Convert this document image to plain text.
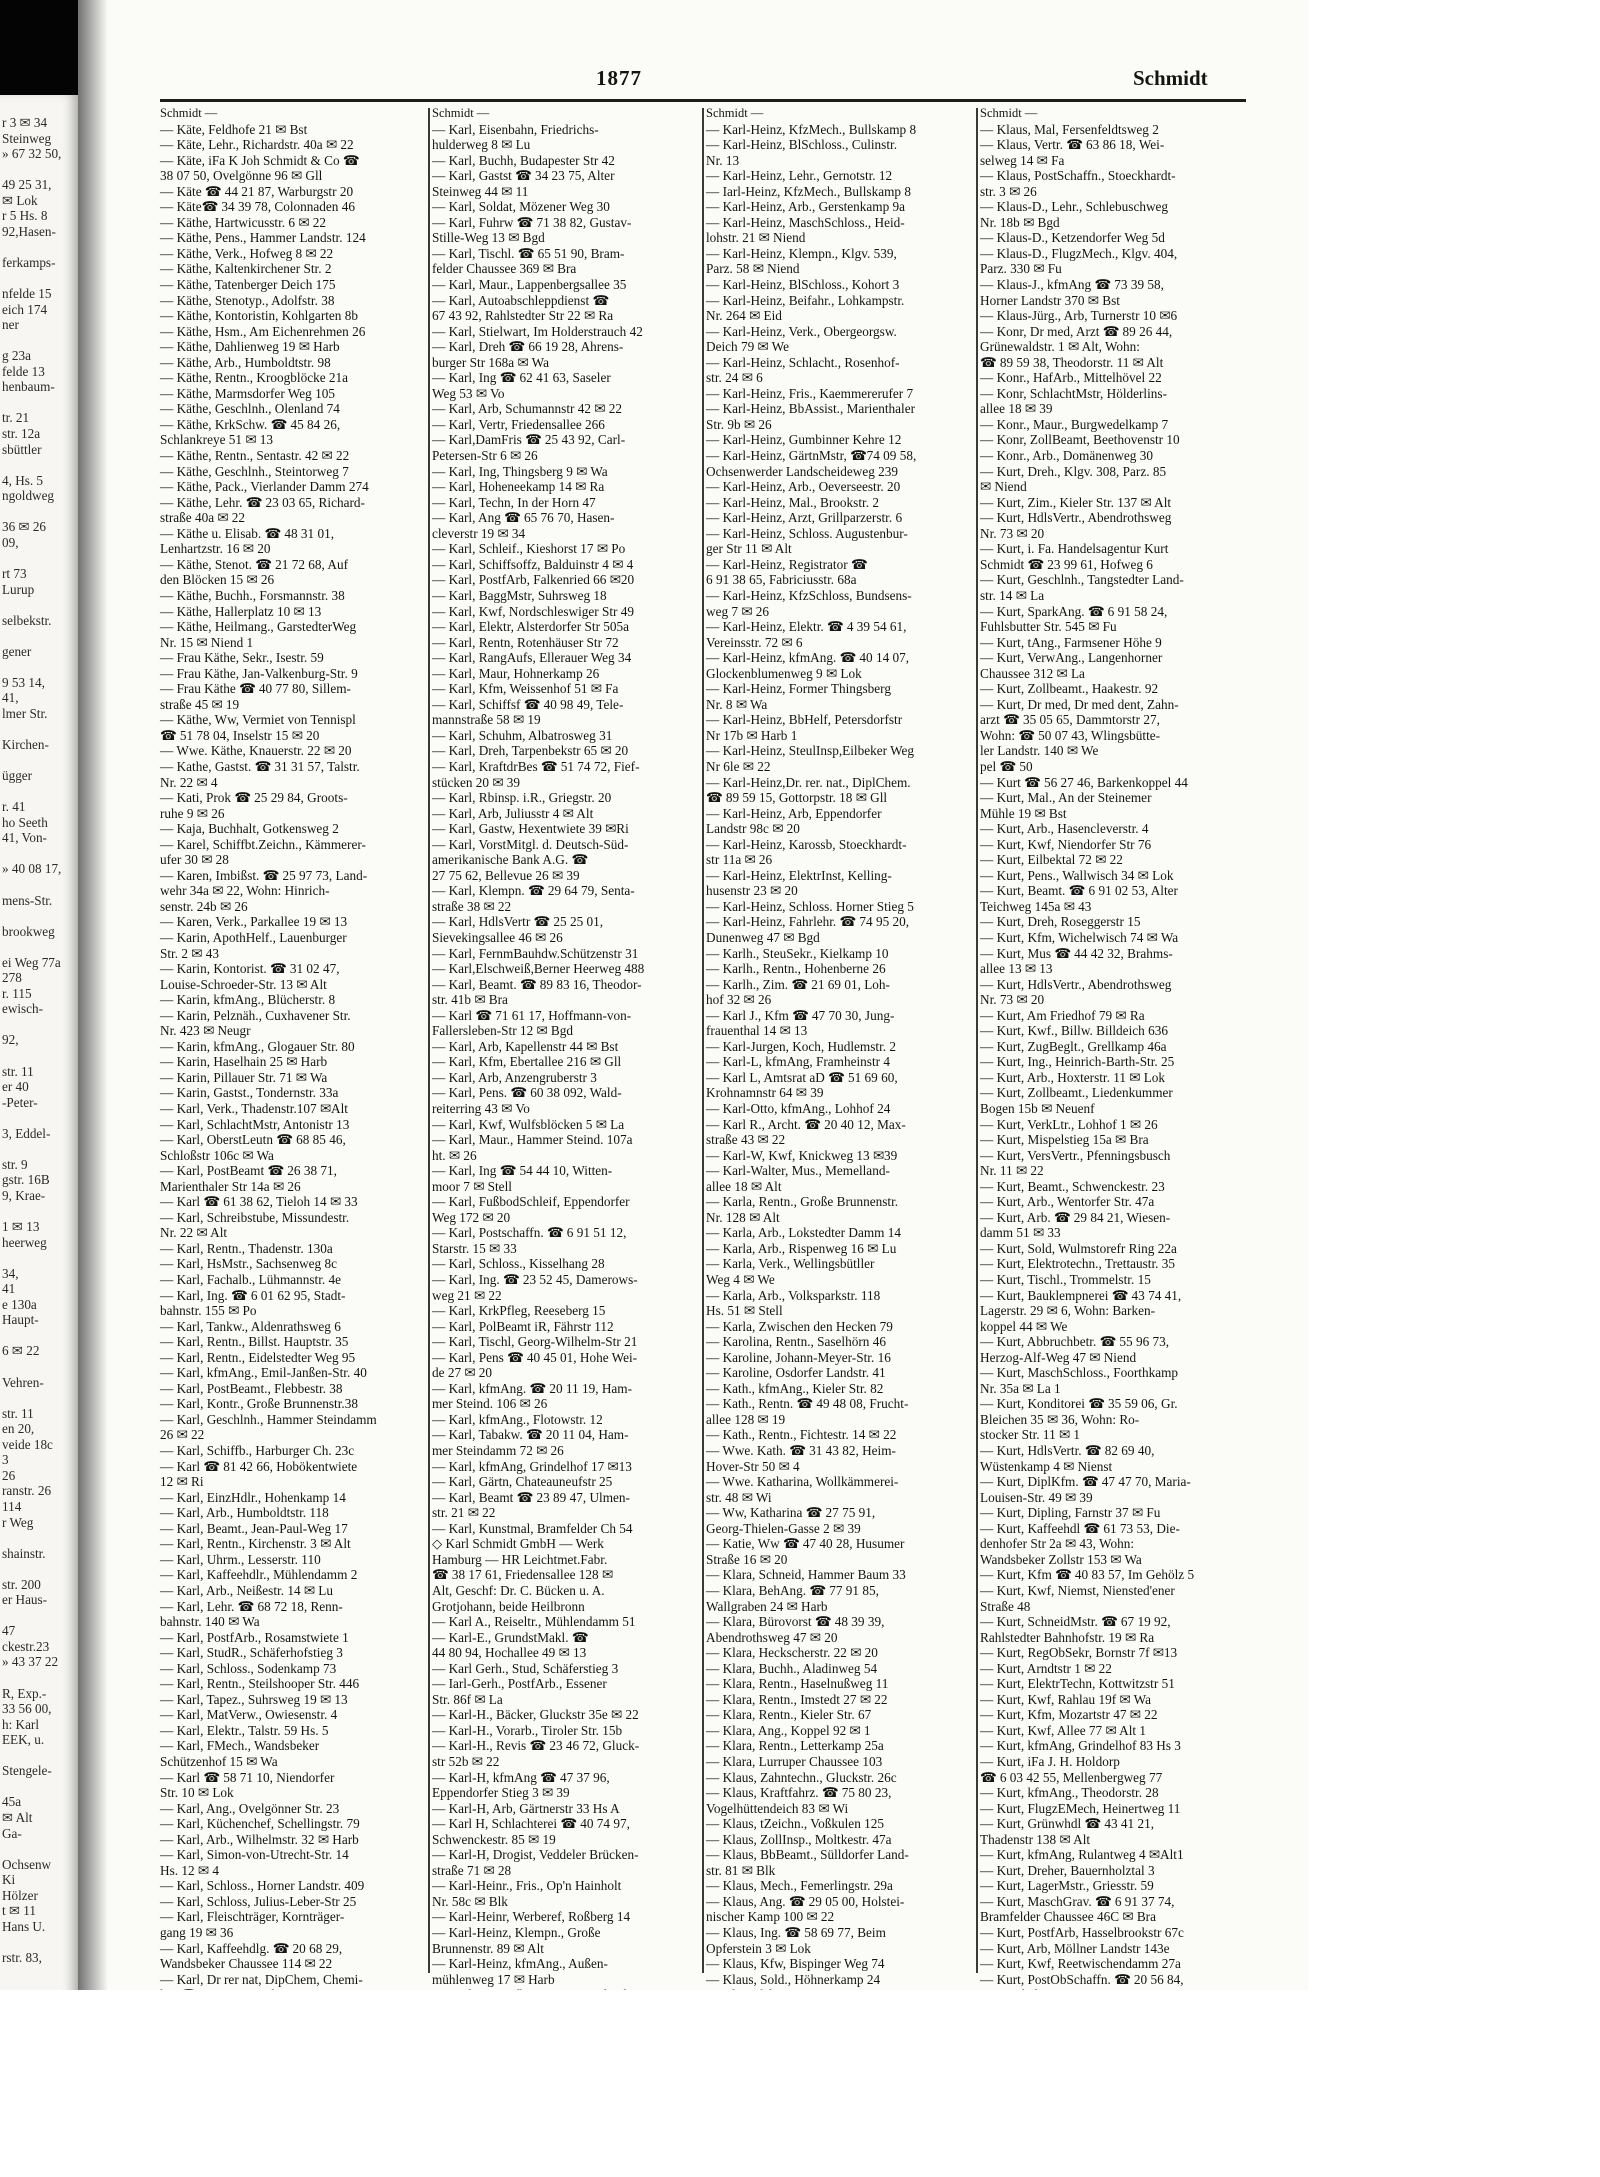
r 3 ✉ 34
Steinweg
» 67 32 50,
49 25 31,
✉ Lok
r 5 Hs. 8
92,Hasen-
ferkamps-
nfelde 15
eich 174
ner
g 23a
felde 13
henbaum-
tr. 21
str. 12a
sbüttler
4, Hs. 5
ngoldweg
36 ✉ 26
09,
rt 73
Lurup
selbekstr.
gener
9 53 14,
41,
lmer Str.
Kirchen-
ügger
r. 41
ho Seeth
41, Von-
» 40 08 17,
mens-Str.
brookweg
ei Weg 77a
278
r. 115
ewisch-
92,
str. 11
er 40
-Peter-
3, Eddel-
str. 9
gstr. 16B
9, Krae-
1 ✉ 13
heerweg
34,
41
e 130a
Haupt-
6 ✉ 22
Vehren-
str. 11
en 20,
veide 18c
3
26
ranstr. 26
114
r Weg
shainstr.
str. 200
er Haus-
47
ckestr.23
» 43 37 22
R, Exp.-
33 56 00,
h: Karl
EEK, u.
Stengele-
45a
✉ Alt
Ga-
Ochsenw
Ki
Hölzer
t ✉ 11
Hans U.
rstr. 83,
1877	Schmidt
Schmidt —
— Käte, Feldhofe 21 ✉ Bst
— Käte, Lehr., Richardstr. 40a ✉ 22
— Käte, iFa K Joh Schmidt & Co ☎
38 07 50, Ovelgönne 96 ✉ Gll
— Käte ☎ 44 21 87, Warburgstr 20
— Käte☎ 34 39 78, Colonnaden 46
— Käthe, Hartwicusstr. 6 ✉ 22
— Käthe, Pens., Hammer Landstr. 124
— Käthe, Verk., Hofweg 8 ✉ 22
— Käthe, Kaltenkirchener Str. 2
— Käthe, Tatenberger Deich 175
— Käthe, Stenotyp., Adolfstr. 38
— Käthe, Kontoristin, Kohlgarten 8b
— Käthe, Hsm., Am Eichenrehmen 26
— Käthe, Dahlienweg 19 ✉ Harb
— Käthe, Arb., Humboldtstr. 98
— Käthe, Rentn., Kroogblöcke 21a
— Käthe, Marmsdorfer Weg 105
— Käthe, Geschlnh., Olenland 74
— Käthe, KrkSchw. ☎ 45 84 26,
Schlankreye 51 ✉ 13
— Käthe, Rentn., Sentastr. 42 ✉ 22
— Käthe, Geschlnh., Steintorweg 7
— Käthe, Pack., Vierlander Damm 274
— Käthe, Lehr. ☎ 23 03 65, Richard-
straße 40a ✉ 22
— Käthe u. Elisab. ☎ 48 31 01,
Lenhartzstr. 16 ✉ 20
— Käthe, Stenot. ☎ 21 72 68, Auf
den Blöcken 15 ✉ 26
— Käthe, Buchh., Forsmannstr. 38
— Käthe, Hallerplatz 10 ✉ 13
— Käthe, Heilmang., GarstedterWeg
Nr. 15 ✉ Niend 1
— Frau Käthe, Sekr., Isestr. 59
— Frau Käthe, Jan-Valkenburg-Str. 9
— Frau Käthe ☎ 40 77 80, Sillem-
straße 45 ✉ 19
— Käthe, Ww, Vermiet von Tennispl
☎ 51 78 04, Inselstr 15 ✉ 20
— Wwe. Käthe, Knauerstr. 22 ✉ 20
— Kathe, Gastst. ☎ 31 31 57, Talstr.
Nr. 22 ✉ 4
— Kati, Prok ☎ 25 29 84, Groots-
ruhe 9 ✉ 26
— Kaja, Buchhalt, Gotkensweg 2
— Karel, Schiffbt.Zeichn., Kämmerer-
ufer 30 ✉ 28
— Karen, Imbißst. ☎ 25 97 73, Land-
wehr 34a ✉ 22, Wohn: Hinrich-
senstr. 24b ✉ 26
— Karen, Verk., Parkallee 19 ✉ 13
— Karin, ApothHelf., Lauenburger
Str. 2 ✉ 43
— Karin, Kontorist. ☎ 31 02 47,
Louise-Schroeder-Str. 13 ✉ Alt
— Karin, kfmAng., Blücherstr. 8
— Karin, Pelznäh., Cuxhavener Str.
Nr. 423 ✉ Neugr
— Karin, kfmAng., Glogauer Str. 80
— Karin, Haselhain 25 ✉ Harb
— Karin, Pillauer Str. 71 ✉ Wa
— Karin, Gastst., Tondernstr. 33a
— Karl, Verk., Thadenstr.107 ✉Alt
— Karl, SchlachtMstr, Antonistr 13
— Karl, OberstLeutn ☎ 68 85 46,
Schloßstr 106c ✉ Wa
— Karl, PostBeamt ☎ 26 38 71,
Marienthaler Str 14a ✉ 26
— Karl ☎ 61 38 62, Tieloh 14 ✉ 33
— Karl, Schreibstube, Missundestr.
Nr. 22 ✉ Alt
— Karl, Rentn., Thadenstr. 130a
— Karl, HsMstr., Sachsenweg 8c
— Karl, Fachalb., Lühmannstr. 4e
— Karl, Ing. ☎ 6 01 62 95, Stadt-
bahnstr. 155 ✉ Po
— Karl, Tankw., Aldenrathsweg 6
— Karl, Rentn., Billst. Hauptstr. 35
— Karl, Rentn., Eidelstedter Weg 95
— Karl, kfmAng., Emil-Janßen-Str. 40
— Karl, PostBeamt., Flebbestr. 38
— Karl, Kontr., Große Brunnenstr.38
— Karl, Geschlnh., Hammer Steindamm
26 ✉ 22
— Karl, Schiffb., Harburger Ch. 23c
— Karl ☎ 81 42 66, Hobökentwiete
12 ✉ Ri
— Karl, EinzHdlr., Hohenkamp 14
— Karl, Arb., Humboldtstr. 118
— Karl, Beamt., Jean-Paul-Weg 17
— Karl, Rentn., Kirchenstr. 3 ✉ Alt
— Karl, Uhrm., Lesserstr. 110
— Karl, Kaffeehdlr., Mühlendamm 2
— Karl, Arb., Neißestr. 14 ✉ Lu
— Karl, Lehr. ☎ 68 72 18, Renn-
bahnstr. 140 ✉ Wa
— Karl, PostfArb., Rosamstwiete 1
— Karl, StudR., Schäferhofstieg 3
— Karl, Schloss., Sodenkamp 73
— Karl, Rentn., Steilshooper Str. 446
— Karl, Tapez., Suhrsweg 19 ✉ 13
— Karl, MatVerw., Owiesenstr. 4
— Karl, Elektr., Talstr. 59 Hs. 5
— Karl, FMech., Wandsbeker
Schützenhof 15 ✉ Wa
— Karl ☎ 58 71 10, Niendorfer
Str. 10 ✉ Lok
— Karl, Ang., Ovelgönner Str. 23
— Karl, Küchenchef, Schellingstr. 79
— Karl, Arb., Wilhelmstr. 32 ✉ Harb
— Karl, Simon-von-Utrecht-Str. 14
Hs. 12 ✉ 4
— Karl, Schloss., Horner Landstr. 409
— Karl, Schloss, Julius-Leber-Str 25
— Karl, Fleischträger, Kornträger-
gang 19 ✉ 36
— Karl, Kaffeehdlg. ☎ 20 68 29,
Wandsbeker Chaussee 114 ✉ 22
— Karl, Dr rer nat, DipChem, Chemi-
Schmidt —
— Karl, Eisenbahn, Friedrichs-
hulderweg 8 ✉ Lu
— Karl, Buchh, Budapester Str 42
— Karl, Gastst ☎ 34 23 75, Alter
Steinweg 44 ✉ 11
— Karl, Soldat, Mözener Weg 30
— Karl, Fuhrw ☎ 71 38 82, Gustav-
Stille-Weg 13 ✉ Bgd
— Karl, Tischl. ☎ 65 51 90, Bram-
felder Chaussee 369 ✉ Bra
— Karl, Maur., Lappenbergsallee 35
— Karl, Autoabschleppdienst ☎
67 43 92, Rahlstedter Str 22 ✉ Ra
— Karl, Stielwart, Im Holderstrauch 42
— Karl, Dreh ☎ 66 19 28, Ahrens-
burger Str 168a ✉ Wa
— Karl, Ing ☎ 62 41 63, Saseler
Weg 53 ✉ Vo
— Karl, Arb, Schumannstr 42 ✉ 22
— Karl, Vertr, Friedensallee 266
— Karl,DamFris ☎ 25 43 92, Carl-
Petersen-Str 6 ✉ 26
— Karl, Ing, Thingsberg 9 ✉ Wa
— Karl, Hoheneekamp 14 ✉ Ra
— Karl, Techn, In der Horn 47
— Karl, Ang ☎ 65 76 70, Hasen-
cleverstr 19 ✉ 34
— Karl, Schleif., Kieshorst 17 ✉ Po
— Karl, Schiffsoffz, Balduinstr 4 ✉ 4
— Karl, PostfArb, Falkenried 66 ✉20
— Karl, BaggMstr, Suhrsweg 18
— Karl, Kwf, Nordschleswiger Str 49
— Karl, Elektr, Alsterdorfer Str 505a
— Karl, Rentn, Rotenhäuser Str 72
— Karl, RangAufs, Ellerauer Weg 34
— Karl, Maur, Hohnerkamp 26
— Karl, Kfm, Weissenhof 51 ✉ Fa
— Karl, Schiffsf ☎ 40 98 49, Tele-
mannstraße 58 ✉ 19
— Karl, Schuhm, Albatrosweg 31
— Karl, Dreh, Tarpenbekstr 65 ✉ 20
— Karl, KraftdrBes ☎ 51 74 72, Fief-
stücken 20 ✉ 39
— Karl, Rbinsp. i.R., Griegstr. 20
— Karl, Arb, Juliusstr 4 ✉ Alt
— Karl, Gastw, Hexentwiete 39 ✉Ri
— Karl, VorstMitgl. d. Deutsch-Süd-
amerikanische Bank A.G. ☎
27 75 62, Bellevue 26 ✉ 39
— Karl, Klempn. ☎ 29 64 79, Senta-
straße 38 ✉ 22
— Karl, HdlsVertr ☎ 25 25 01,
Sievekingsallee 46 ✉ 26
— Karl, FernmBauhdw.Schützenstr 31
— Karl,Elschweiß,Berner Heerweg 488
— Karl, Beamt. ☎ 89 83 16, Theodor-
str. 41b ✉ Bra
— Karl ☎ 71 61 17, Hoffmann-von-
Fallersleben-Str 12 ✉ Bgd
— Karl, Arb, Kapellenstr 44 ✉ Bst
— Karl, Kfm, Ebertallee 216 ✉ Gll
— Karl, Arb, Anzengruberstr 3
— Karl, Pens. ☎ 60 38 092, Wald-
reiterring 43 ✉ Vo
— Karl, Kwf, Wulfsblöcken 5 ✉ La
— Karl, Maur., Hammer Steind. 107a
ht. ✉ 26
— Karl, Ing ☎ 54 44 10, Witten-
moor 7 ✉ Stell
— Karl, FußbodSchleif, Eppendorfer
Weg 172 ✉ 20
— Karl, Postschaffn. ☎ 6 91 51 12,
Starstr. 15 ✉ 33
— Karl, Schloss., Kisselhang 28
— Karl, Ing. ☎ 23 52 45, Damerows-
weg 21 ✉ 22
— Karl, KrkPfleg, Reeseberg 15
— Karl, PolBeamt iR, Fährstr 112
— Karl, Tischl, Georg-Wilhelm-Str 21
— Karl, Pens ☎ 40 45 01, Hohe Wei-
de 27 ✉ 20
— Karl, kfmAng. ☎ 20 11 19, Ham-
mer Steind. 106 ✉ 26
— Karl, kfmAng., Flotowstr. 12
— Karl, Tabakw. ☎ 20 11 04, Ham-
mer Steindamm 72 ✉ 26
— Karl, kfmAng, Grindelhof 17 ✉13
— Karl, Gärtn, Chateauneufstr 25
— Karl, Beamt ☎ 23 89 47, Ulmen-
str. 21 ✉ 22
— Karl, Kunstmal, Bramfelder Ch 54
◇ Karl Schmidt GmbH — Werk
Hamburg — HR Leichtmet.Fabr.
☎ 38 17 61, Friedensallee 128 ✉
Alt, Geschf: Dr. C. Bücken u. A.
Grotjohann, beide Heilbronn
— Karl A., Reiseltr., Mühlendamm 51
— Karl-E., GrundstMakl. ☎
44 80 94, Hochallee 49 ✉ 13
— Karl Gerh., Stud, Schäferstieg 3
— Iarl-Gerh., PostfArb., Essener
Str. 86f ✉ La
— Karl-H., Bäcker, Gluckstr 35e ✉ 22
— Karl-H., Vorarb., Tiroler Str. 15b
— Karl-H., Revis ☎ 23 46 72, Gluck-
str 52b ✉ 22
— Karl-H, kfmAng ☎ 47 37 96,
Eppendorfer Stieg 3 ✉ 39
— Karl-H, Arb, Gärtnerstr 33 Hs A
— Karl H, Schlachterei ☎ 40 74 97,
Schwenckestr. 85 ✉ 19
— Karl-H, Drogist, Veddeler Brücken-
straße 71 ✉ 28
— Karl-Heinr., Fris., Op'n Hainholt
Nr. 58c ✉ Blk
— Karl-Heinr, Werberef, Roßberg 14
— Karl-Heinz, Klempn., Große
Brunnenstr. 89 ✉ Alt
— Karl-Heinz, kfmAng., Außen-
mühlenweg 17 ✉ Harb
Schmidt —
— Karl-Heinz, KfzMech., Bullskamp 8
— Karl-Heinz, BlSchloss., Culinstr.
Nr. 13
— Karl-Heinz, Lehr., Gernotstr. 12
— Iarl-Heinz, KfzMech., Bullskamp 8
— Karl-Heinz, Arb., Gerstenkamp 9a
— Karl-Heinz, MaschSchloss., Heid-
lohstr. 21 ✉ Niend
— Karl-Heinz, Klempn., Klgv. 539,
Parz. 58 ✉ Niend
— Karl-Heinz, BlSchloss., Kohort 3
— Karl-Heinz, Beifahr., Lohkampstr.
Nr. 264 ✉ Eid
— Karl-Heinz, Verk., Obergeorgsw.
Deich 79 ✉ We
— Karl-Heinz, Schlacht., Rosenhof-
str. 24 ✉ 6
— Karl-Heinz, Fris., Kaemmererufer 7
— Karl-Heinz, BbAssist., Marienthaler
Str. 9b ✉ 26
— Karl-Heinz, Gumbinner Kehre 12
— Karl-Heinz, GärtnMstr, ☎74 09 58,
Ochsenwerder Landscheideweg 239
— Karl-Heinz, Arb., Oeverseestr. 20
— Karl-Heinz, Mal., Brookstr. 2
— Karl-Heinz, Arzt, Grillparzerstr. 6
— Karl-Heinz, Schloss. Augustenbur-
ger Str 11 ✉ Alt
— Karl-Heinz, Registrator ☎
6 91 38 65, Fabriciusstr. 68a
— Karl-Heinz, KfzSchloss, Bundsens-
weg 7 ✉ 26
— Karl-Heinz, Elektr. ☎ 4 39 54 61,
Vereinsstr. 72 ✉ 6
— Karl-Heinz, kfmAng. ☎ 40 14 07,
Glockenblumenweg 9 ✉ Lok
— Karl-Heinz, Former Thingsberg
Nr. 8 ✉ Wa
— Karl-Heinz, BbHelf, Petersdorfstr
Nr 17b ✉ Harb 1
— Karl-Heinz, SteulInsp,Eilbeker Weg
Nr 6le ✉ 22
— Karl-Heinz,Dr. rer. nat., DiplChem.
☎ 89 59 15, Gottorpstr. 18 ✉ Gll
— Karl-Heinz, Arb, Eppendorfer
Landstr 98c ✉ 20
— Karl-Heinz, Karossb, Stoeckhardt-
str 11a ✉ 26
— Karl-Heinz, ElektrInst, Kelling-
husenstr 23 ✉ 20
— Karl-Heinz, Schloss. Horner Stieg 5
— Karl-Heinz, Fahrlehr. ☎ 74 95 20,
Dunenweg 47 ✉ Bgd
— Karlh., SteuSekr., Kielkamp 10
— Karlh., Rentn., Hohenberne 26
— Karlh., Zim. ☎ 21 69 01, Loh-
hof 32 ✉ 26
— Karl J., Kfm ☎ 47 70 30, Jung-
frauenthal 14 ✉ 13
— Karl-Jurgen, Koch, Hudlemstr. 2
— Karl-L, kfmAng, Framheinstr 4
— Karl L, Amtsrat aD ☎ 51 69 60,
Krohnamnstr 64 ✉ 39
— Karl-Otto, kfmAng., Lohhof 24
— Karl R., Archt. ☎ 20 40 12, Max-
straße 43 ✉ 22
— Karl-W, Kwf, Knickweg 13 ✉39
— Karl-Walter, Mus., Memelland-
allee 18 ✉ Alt
— Karla, Rentn., Große Brunnenstr.
Nr. 128 ✉ Alt
— Karla, Arb., Lokstedter Damm 14
— Karla, Arb., Rispenweg 16 ✉ Lu
— Karla, Verk., Wellingsbütller
Weg 4 ✉ We
— Karla, Arb., Volksparkstr. 118
Hs. 51 ✉ Stell
— Karla, Zwischen den Hecken 79
— Karolina, Rentn., Saselhörn 46
— Karoline, Johann-Meyer-Str. 16
— Karoline, Osdorfer Landstr. 41
— Kath., kfmAng., Kieler Str. 82
— Kath., Rentn. ☎ 49 48 08, Frucht-
allee 128 ✉ 19
— Kath., Rentn., Fichtestr. 14 ✉ 22
— Wwe. Kath. ☎ 31 43 82, Heim-
Hover-Str 50 ✉ 4
— Wwe. Katharina, Wollkämmerei-
str. 48 ✉ Wi
— Ww, Katharina ☎ 27 75 91,
Georg-Thielen-Gasse 2 ✉ 39
— Katie, Ww ☎ 47 40 28, Husumer
Straße 16 ✉ 20
— Klara, Schneid, Hammer Baum 33
— Klara, BehAng. ☎ 77 91 85,
Wallgraben 24 ✉ Harb
— Klara, Bürovorst ☎ 48 39 39,
Abendrothsweg 47 ✉ 20
— Klara, Heckscherstr. 22 ✉ 20
— Klara, Buchh., Aladinweg 54
— Klara, Rentn., Haselnußweg 11
— Klara, Rentn., Imstedt 27 ✉ 22
— Klara, Rentn., Kieler Str. 67
— Klara, Ang., Koppel 92 ✉ 1
— Klara, Rentn., Letterkamp 25a
— Klara, Lurruper Chaussee 103
— Klaus, Zahntechn., Gluckstr. 26c
— Klaus, Kraftfahrz. ☎ 75 80 23,
Vogelhüttendeich 83 ✉ Wi
— Klaus, tZeichn., Voßkulen 125
— Klaus, ZollInsp., Moltkestr. 47a
— Klaus, BbBeamt., Sülldorfer Land-
str. 81 ✉ Blk
— Klaus, Mech., Femerlingstr. 29a
— Klaus, Ang. ☎ 29 05 00, Holstei-
nischer Kamp 100 ✉ 22
— Klaus, Ing. ☎ 58 69 77, Beim
Opferstein 3 ✉ Lok
— Klaus, Kfw, Bispinger Weg 74
— Klaus, Sold., Höhnerkamp 24
Schmidt —
— Klaus, Mal, Fersenfeldtsweg 2
— Klaus, Vertr. ☎ 63 86 18, Wei-
selweg 14 ✉ Fa
— Klaus, PostSchaffn., Stoeckhardt-
str. 3 ✉ 26
— Klaus-D., Lehr., Schlebuschweg
Nr. 18b ✉ Bgd
— Klaus-D., Ketzendorfer Weg 5d
— Klaus-D., FlugzMech., Klgv. 404,
Parz. 330 ✉ Fu
— Klaus-J., kfmAng ☎ 73 39 58,
Horner Landstr 370 ✉ Bst
— Klaus-Jürg., Arb, Turnerstr 10 ✉6
— Konr, Dr med, Arzt ☎ 89 26 44,
Grünewaldstr. 1 ✉ Alt, Wohn:
☎ 89 59 38, Theodorstr. 11 ✉ Alt
— Konr., HafArb., Mittelhövel 22
— Konr, SchlachtMstr, Hölderlins-
allee 18 ✉ 39
— Konr., Maur., Burgwedelkamp 7
— Konr, ZollBeamt, Beethovenstr 10
— Konr., Arb., Domänenweg 30
— Kurt, Dreh., Klgv. 308, Parz. 85
✉ Niend
— Kurt, Zim., Kieler Str. 137 ✉ Alt
— Kurt, HdlsVertr., Abendrothsweg
Nr. 73 ✉ 20
— Kurt, i. Fa. Handelsagentur Kurt
Schmidt ☎ 23 99 61, Hofweg 6
— Kurt, Geschlnh., Tangstedter Land-
str. 14 ✉ La
— Kurt, SparkAng. ☎ 6 91 58 24,
Fuhlsbutter Str. 545 ✉ Fu
— Kurt, tAng., Farmsener Höhe 9
— Kurt, VerwAng., Langenhorner
Chaussee 312 ✉ La
— Kurt, Zollbeamt., Haakestr. 92
— Kurt, Dr med, Dr med dent, Zahn-
arzt ☎ 35 05 65, Dammtorstr 27,
Wohn: ☎ 50 07 43, Wlingsbütte-
ler Landstr. 140 ✉ We
pel ☎ 50
— Kurt ☎ 56 27 46, Barkenkoppel 44
— Kurt, Mal., An der Steinemer
Mühle 19 ✉ Bst
— Kurt, Arb., Hasencleverstr. 4
— Kurt, Kwf, Niendorfer Str 76
— Kurt, Eilbektal 72 ✉ 22
— Kurt, Pens., Wallwisch 34 ✉ Lok
— Kurt, Beamt. ☎ 6 91 02 53, Alter
Teichweg 145a ✉ 43
— Kurt, Dreh, Roseggerstr 15
— Kurt, Kfm, Wichelwisch 74 ✉ Wa
— Kurt, Mus ☎ 44 42 32, Brahms-
allee 13 ✉ 13
— Kurt, HdlsVertr., Abendrothsweg
Nr. 73 ✉ 20
— Kurt, Am Friedhof 79 ✉ Ra
— Kurt, Kwf., Billw. Billdeich 636
— Kurt, ZugBeglt., Grellkamp 46a
— Kurt, Ing., Heinrich-Barth-Str. 25
— Kurt, Arb., Hoxterstr. 11 ✉ Lok
— Kurt, Zollbeamt., Liedenkummer
Bogen 15b ✉ Neuenf
— Kurt, VerkLtr., Lohhof 1 ✉ 26
— Kurt, Mispelstieg 15a ✉ Bra
— Kurt, VersVertr., Pfenningsbusch
Nr. 11 ✉ 22
— Kurt, Beamt., Schwenckestr. 23
— Kurt, Arb., Wentorfer Str. 47a
— Kurt, Arb. ☎ 29 84 21, Wiesen-
damm 51 ✉ 33
— Kurt, Sold, Wulmstorefr Ring 22a
— Kurt, Elektrotechn., Trettaustr. 35
— Kurt, Tischl., Trommelstr. 15
— Kurt, Bauklempnerei ☎ 43 74 41,
Lagerstr. 29 ✉ 6, Wohn: Barken-
koppel 44 ✉ We
— Kurt, Abbruchbetr. ☎ 55 96 73,
Herzog-Alf-Weg 47 ✉ Niend
— Kurt, MaschSchloss., Foorthkamp
Nr. 35a ✉ La 1
— Kurt, Konditorei ☎ 35 59 06, Gr.
Bleichen 35 ✉ 36, Wohn: Ro-
stocker Str. 11 ✉ 1
— Kurt, HdlsVertr. ☎ 82 69 40,
Wüstenkamp 4 ✉ Nienst
— Kurt, DiplKfm. ☎ 47 47 70, Maria-
Louisen-Str. 49 ✉ 39
— Kurt, Dipling, Farnstr 37 ✉ Fu
— Kurt, Kaffeehdl ☎ 61 73 53, Die-
denhofer Str 2a ✉ 43, Wohn:
Wandsbeker Zollstr 153 ✉ Wa
— Kurt, Kfm ☎ 40 83 57, Im Gehölz 5
— Kurt, Kwf, Niemst, Niensted'ener
Straße 48
— Kurt, SchneidMstr. ☎ 67 19 92,
Rahlstedter Bahnhofstr. 19 ✉ Ra
— Kurt, RegObSekr, Bornstr 7f ✉13
— Kurt, Arndtstr 1 ✉ 22
— Kurt, ElektrTechn, Kottwitzstr 51
— Kurt, Kwf, Rahlau 19f ✉ Wa
— Kurt, Kfm, Mozartstr 47 ✉ 22
— Kurt, Kwf, Allee 77 ✉ Alt 1
— Kurt, kfmAng, Grindelhof 83 Hs 3
— Kurt, iFa J. H. Holdorp
☎ 6 03 42 55, Mellenbergweg 77
— Kurt, kfmAng., Theodorstr. 28
— Kurt, FlugzEMech, Heinertweg 11
— Kurt, Grünwhdl ☎ 43 41 21,
Thadenstr 138 ✉ Alt
— Kurt, kfmAng, Rulantweg 4 ✉Alt1
— Kurt, Dreher, Bauernholztal 3
— Kurt, LagerMstr., Griesstr. 59
— Kurt, MaschGrav. ☎ 6 91 37 74,
Bramfelder Chaussee 46C ✉ Bra
— Kurt, PostfArb, Hasselbrookstr 67c
— Kurt, Arb, Möllner Landstr 143e
— Kurt, Kwf, Reetwischendamm 27a
— Kurt, PostObSchaffn. ☎ 20 56 84,
